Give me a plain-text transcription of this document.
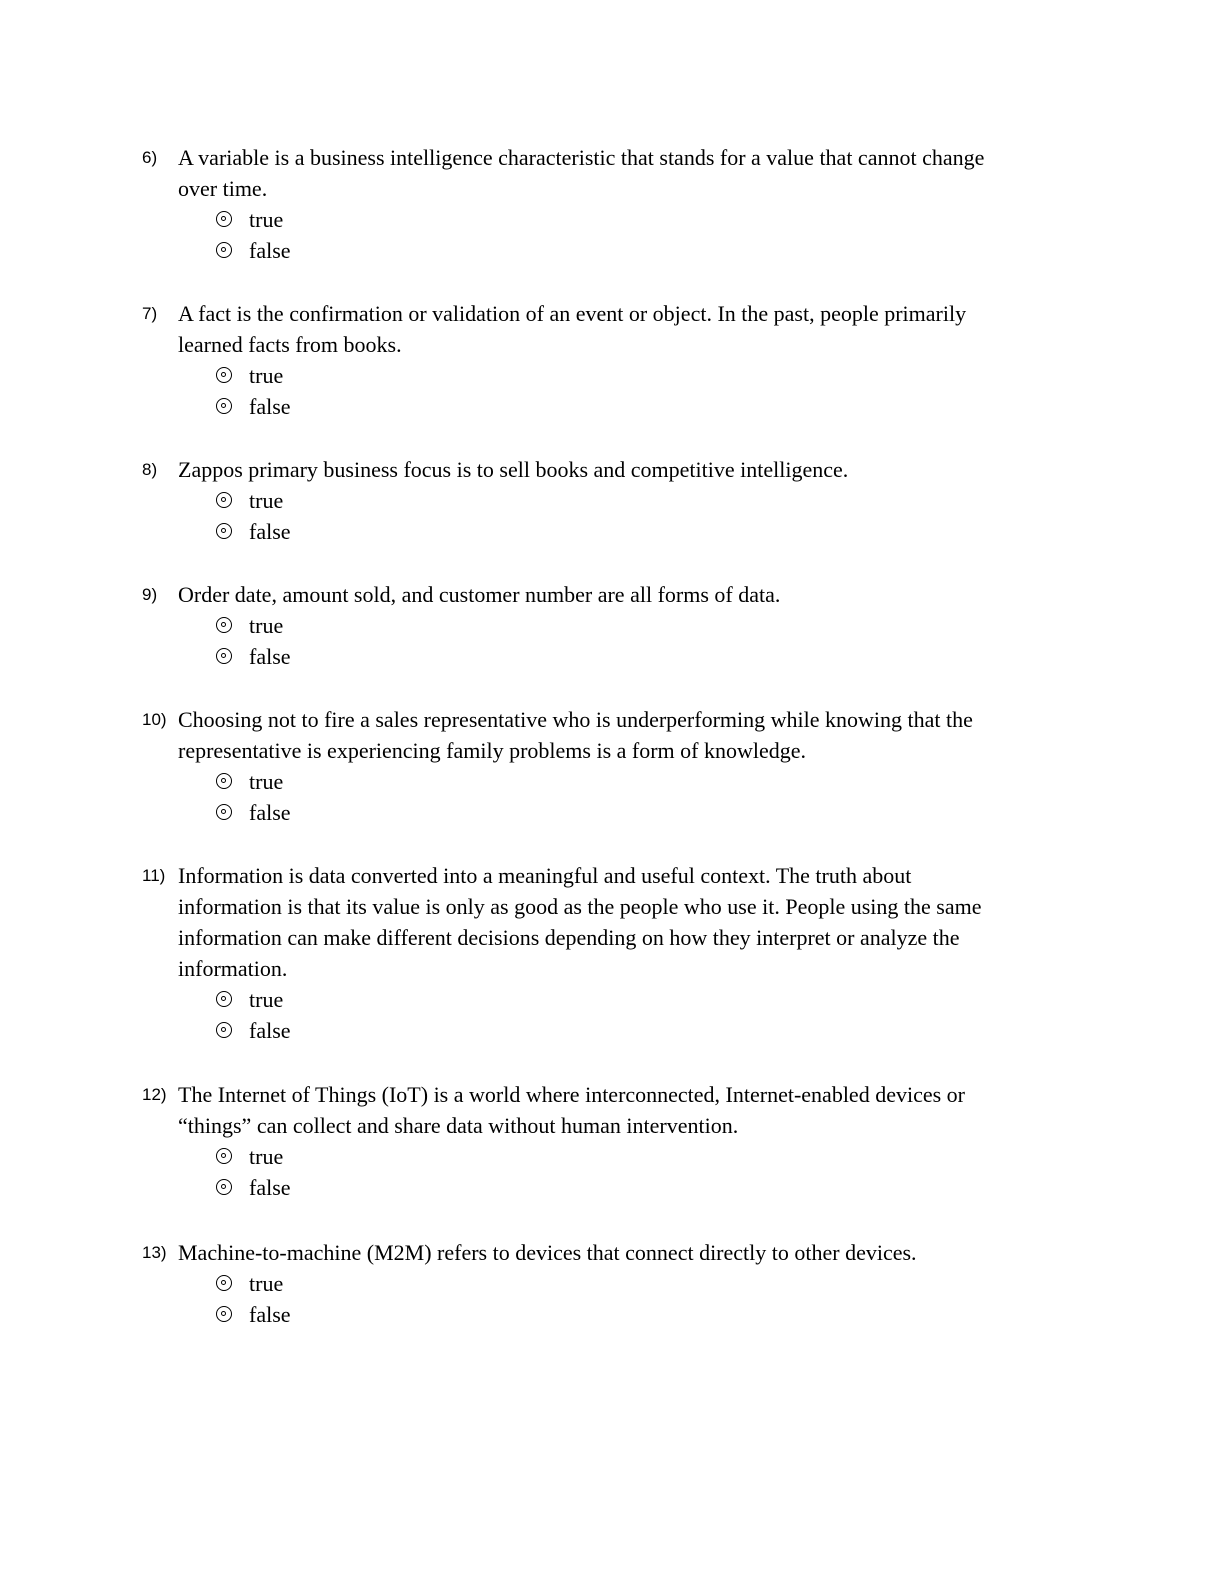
6) A variable is a business intelligence characteristic that stands for a value that cannot change
over time.
true
false
7) A fact is the confirmation or validation of an event or object. In the past, people primarily
learned facts from books.
true
false
8) Zappos primary business focus is to sell books and competitive intelligence.
true
false
9) Order date, amount sold, and customer number are all forms of data.
true
false
10) Choosing not to fire a sales representative who is underperforming while knowing that the
representative is experiencing family problems is a form of knowledge.
true
false
11) Information is data converted into a meaningful and useful context. The truth about
information is that its value is only as good as the people who use it. People using the same
information can make different decisions depending on how they interpret or analyze the
information.
true
false
12) The Internet of Things (IoT) is a world where interconnected, Internet-enabled devices or
“things” can collect and share data without human intervention.
true
false
13) Machine-to-machine (M2M) refers to devices that connect directly to other devices.
true
false
